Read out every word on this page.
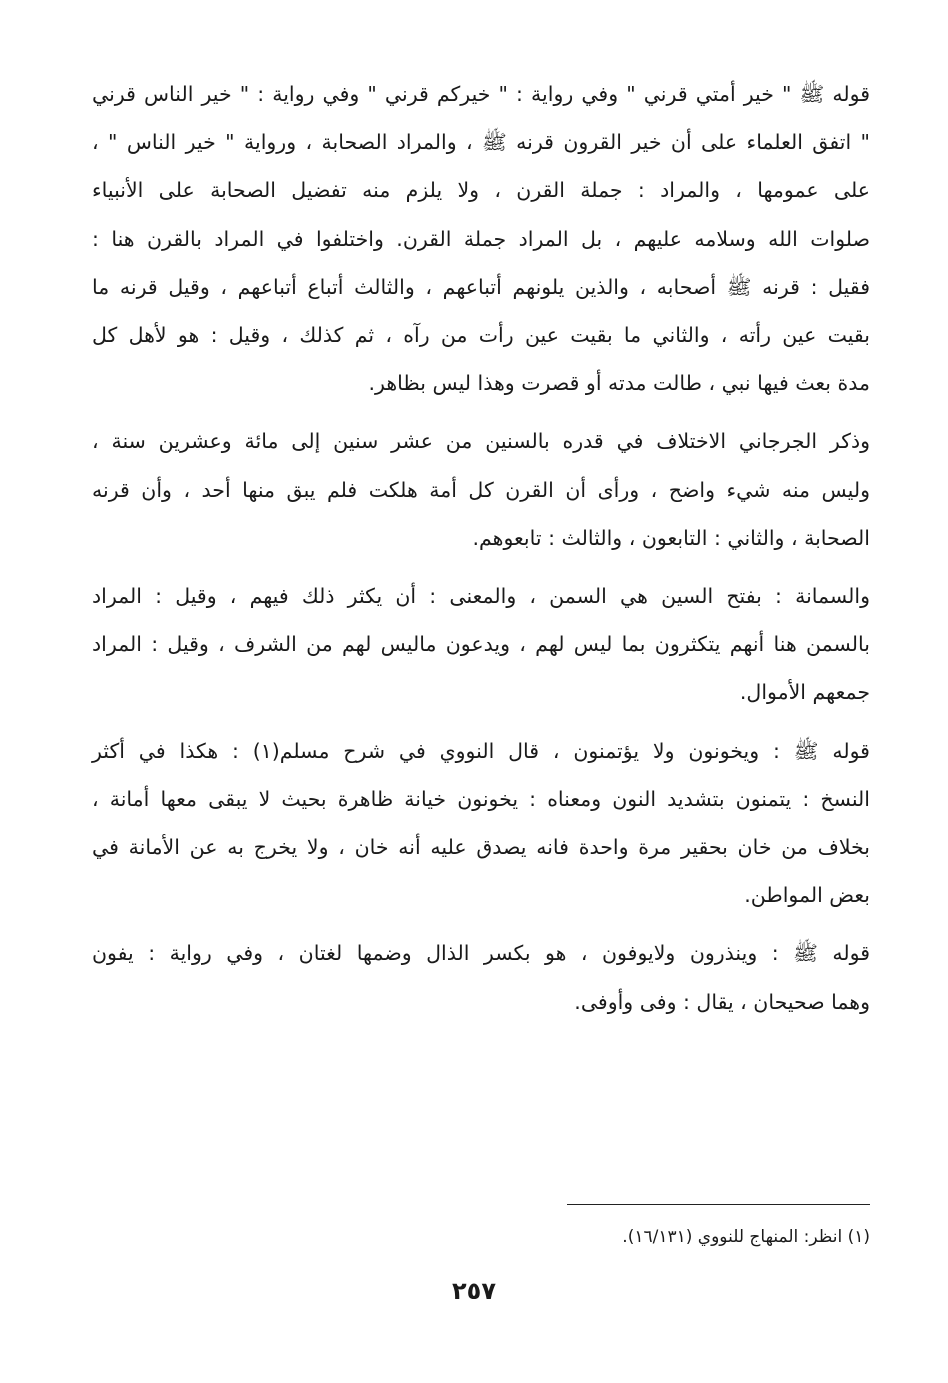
قوله ﷺ " خير أمتي قرني " وفي رواية : " خيركم قرني " وفي رواية : " خير الناس قرني
" اتفق العلماء على أن خير القرون قرنه ﷺ ، والمراد الصحابة ، ورواية " خير الناس " ،
على عمومها ، والمراد : جملة القرن ، ولا يلزم منه تفضيل الصحابة على الأنبياء
صلوات الله وسلامه عليهم ، بل المراد جملة القرن. واختلفوا في المراد بالقرن هنا :
فقيل : قرنه ﷺ أصحابه ، والذين يلونهم أتباعهم ، والثالث أتباع أتباعهم ، وقيل قرنه ما
بقيت عين رأته ، والثاني ما بقيت عين رأت من رآه ، ثم كذلك ، وقيل : هو لأهل كل
مدة بعث فيها نبي ، طالت مدته أو قصرت وهذا ليس بظاهر.

وذكر الجرجاني الاختلاف في قدره بالسنين من عشر سنين إلى مائة وعشرين سنة ،
وليس منه شيء واضح ، ورأى أن القرن كل أمة هلكت فلم يبق منها أحد ، وأن قرنه
الصحابة ، والثاني : التابعون ، والثالث : تابعوهم.

والسمانة : بفتح السين هي السمن ، والمعنى : أن يكثر ذلك فيهم ، وقيل : المراد
بالسمن هنا أنهم يتكثرون بما ليس لهم ، ويدعون ماليس لهم من الشرف ، وقيل : المراد
جمعهم الأموال.

قوله ﷺ : ويخونون ولا يؤتمنون ، قال النووي في شرح مسلم(١) : هكذا في أكثر
النسخ : يتمنون بتشديد النون ومعناه : يخونون خيانة ظاهرة بحيث لا يبقى معها أمانة ،
بخلاف من خان بحقير مرة واحدة فانه يصدق عليه أنه خان ، ولا يخرج به عن الأمانة في
بعض المواطن.

قوله ﷺ : وينذرون ولايوفون ، هو بكسر الذال وضمها لغتان ، وفي رواية : يفون
وهما صحيحان ، يقال : وفى وأوفى.

(١) انظر: المنهاج للنووي (١٦/١٣١).
٢٥٧
